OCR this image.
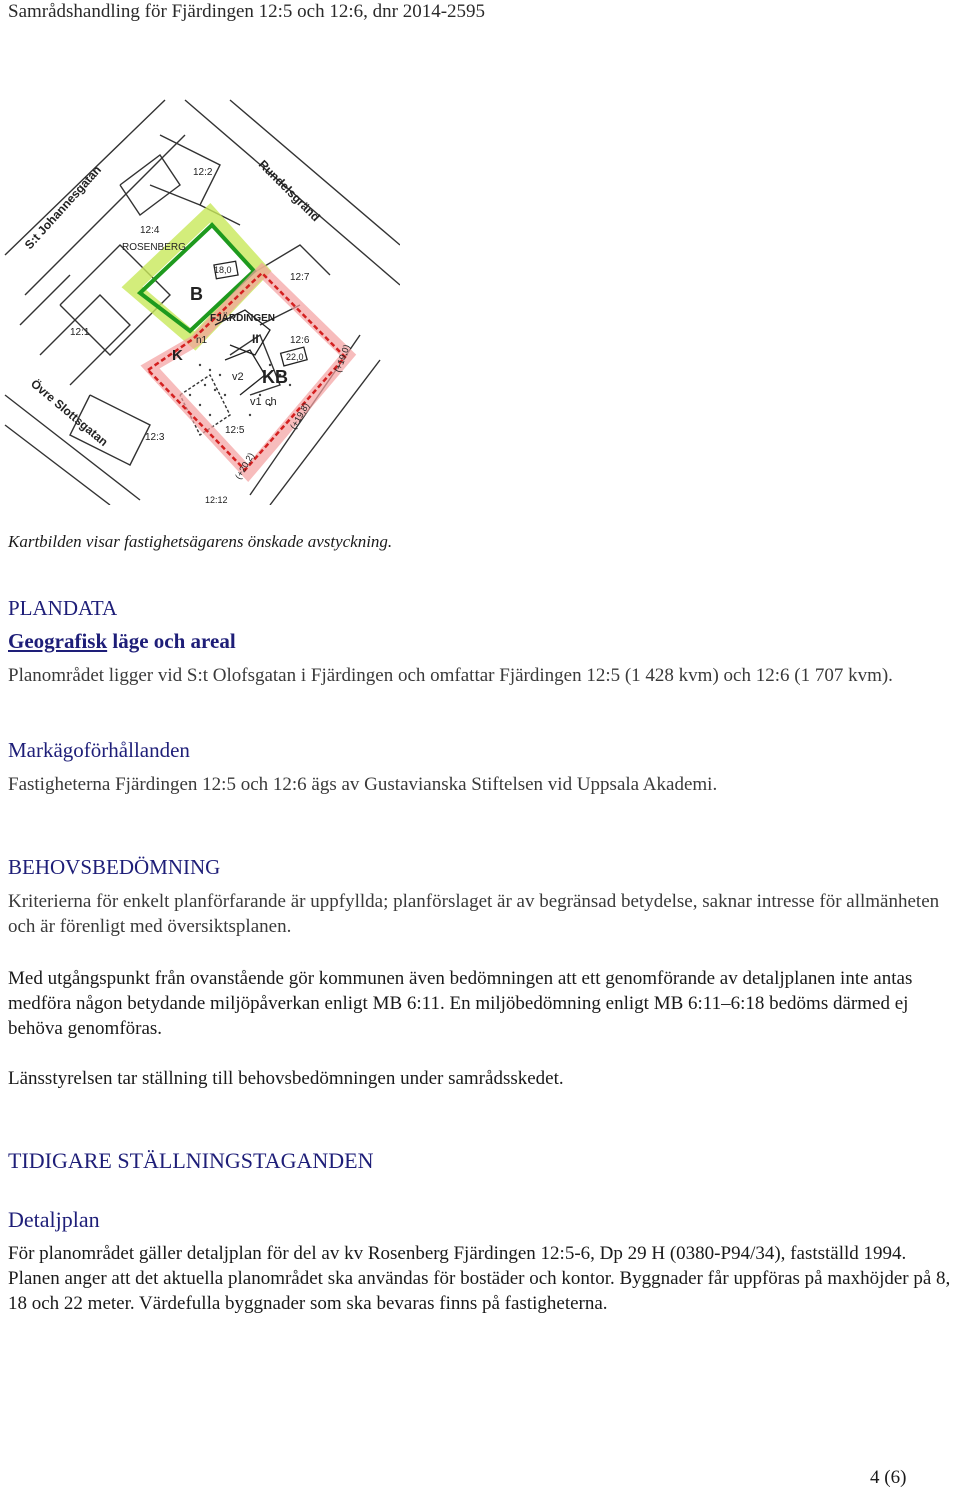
Samrådshandling för Fjärdingen 12:5 och 12:6, dnr 2014-2595
S:t Johannesgatan	Rundelsgränd
Övre Slottsgatan
12:2
12:4
ROSENBERG
12:7
12:1
FJÄRDINGEN
12:6
12:3
12:5
B
KB
K
18,0
22,0
v2
v1 ch
II
n1
(+19,0)
(+19,8)
(+20,2)
12:12
Kartbilden visar fastighetsägarens önskade avstyckning.
PLANDATA
Geografisk läge och areal

Planområdet ligger vid S:t Olofsgatan i Fjärdingen och omfattar Fjärdingen 12:5 (1 428 kvm) och 12:6 (1 707 kvm).

Markägoförhållanden

Fastigheterna Fjärdingen 12:5 och 12:6 ägs av Gustavianska Stiftelsen vid Uppsala Akademi.

BEHOVSBEDÖMNING

Kriterierna för enkelt planförfarande är uppfyllda; planförslaget är av begränsad betydelse, saknar intresse för allmänheten och är förenligt med översiktsplanen.

Med utgångspunkt från ovanstående gör kommunen även bedömningen att ett genomförande av detaljplanen inte antas medföra någon betydande miljöpåverkan enligt MB 6:11. En miljöbedömning enligt MB 6:11–6:18 bedöms därmed ej behöva genomföras.

Länsstyrelsen tar ställning till behovsbedömningen under samrådsskedet.

TIDIGARE STÄLLNINGSTAGANDEN
Detaljplan

För planområdet gäller detaljplan för del av kv Rosenberg Fjärdingen 12:5-6, Dp 29 H (0380-P94/34), fastställd 1994. Planen anger att det aktuella planområdet ska användas för bostäder och kontor. Byggnader får uppföras på maxhöjder på 8, 18 och 22 meter. Värdefulla byggnader som ska bevaras finns på fastigheterna.

4 (6)
